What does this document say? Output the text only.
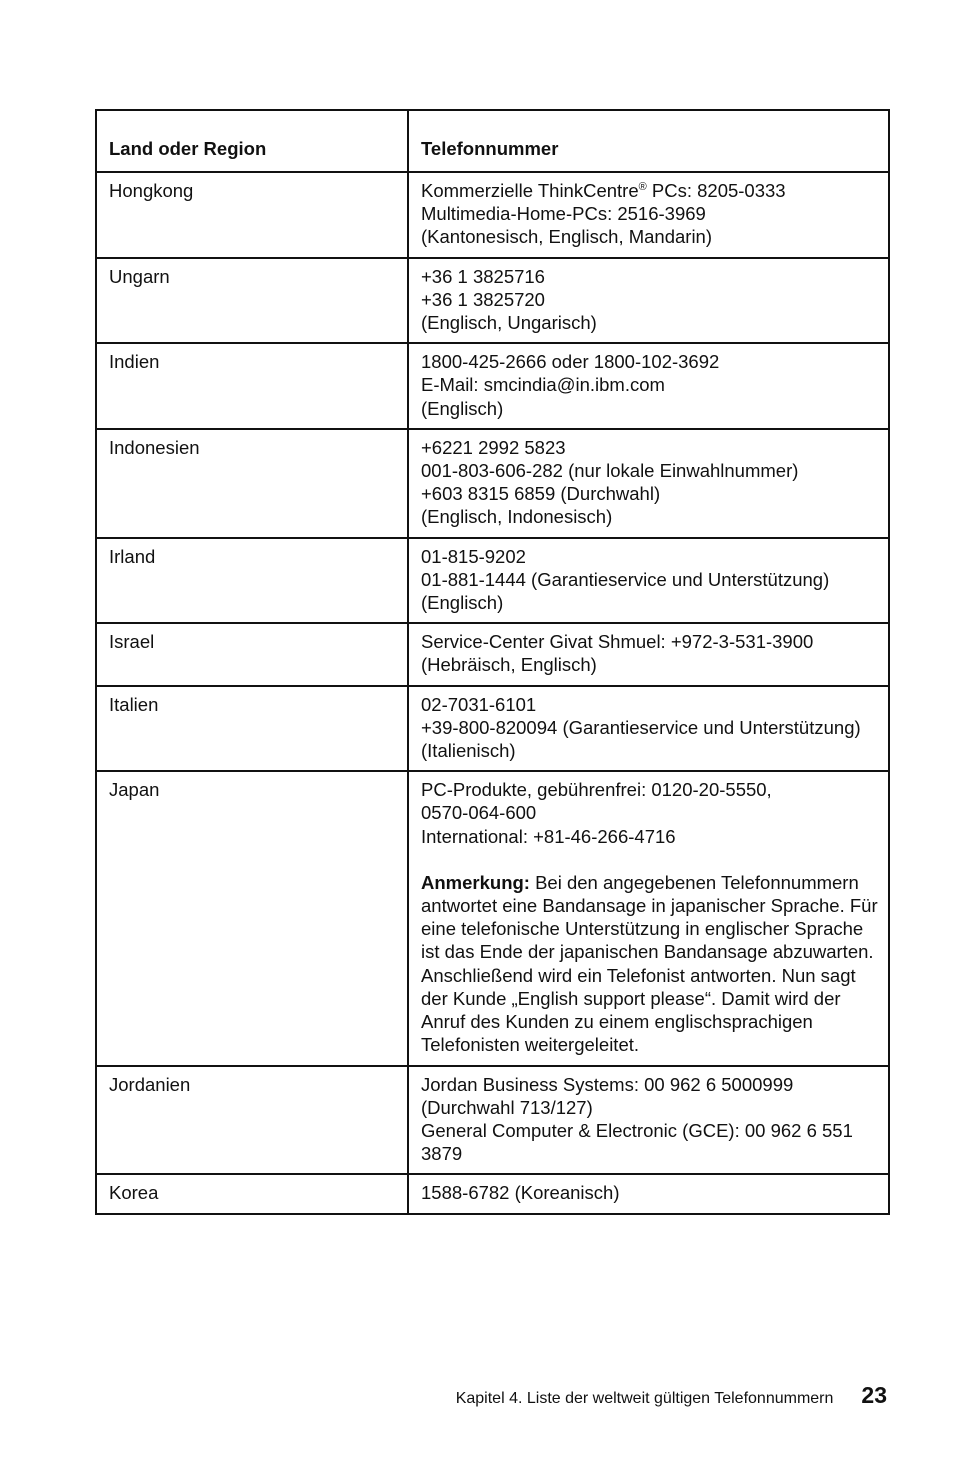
Land oder Region	Telefonnummer
Hongkong	Kommerzielle ThinkCentre® PCs: 8205-0333
Multimedia-Home-PCs: 2516-3969
(Kantonesisch, Englisch, Mandarin)

Ungarn	+36 1 3825716
+36 1 3825720
(Englisch, Ungarisch)

Indien	1800-425-2666 oder 1800-102-3692
E-Mail: smcindia@in.ibm.com
(Englisch)

Indonesien	+6221 2992 5823
001-803-606-282 (nur lokale Einwahlnummer)
+603 8315 6859 (Durchwahl)
(Englisch, Indonesisch)

Irland	01-815-9202
01-881-1444 (Garantieservice und Unterstützung)
(Englisch)

Israel	Service-Center Givat Shmuel: +972-3-531-3900
(Hebräisch, Englisch)

Italien	02-7031-6101
+39-800-820094 (Garantieservice und Unterstützung)
(Italienisch)

Japan	PC-Produkte, gebührenfrei: 0120-20-5550,
0570-064-600
International: +81-46-266-4716
Anmerkung: Bei den angegebenen Telefonnummern antwortet eine Bandansage in japanischer Sprache. Für eine telefonische Unterstützung in englischer Sprache ist das Ende der japanischen Bandansage abzuwarten. Anschließend wird ein Telefonist antworten. Nun sagt der Kunde „English support please“. Damit wird der Anruf des Kunden zu einem englischsprachigen Telefonisten weitergeleitet.

Jordanien	Jordan Business Systems: 00 962 6 5000999
(Durchwahl 713/127)
General Computer & Electronic (GCE): 00 962 6 551 3879

Korea	1588-6782 (Koreanisch)
Kapitel 4. Liste der weltweit gültigen Telefonnummern 23
